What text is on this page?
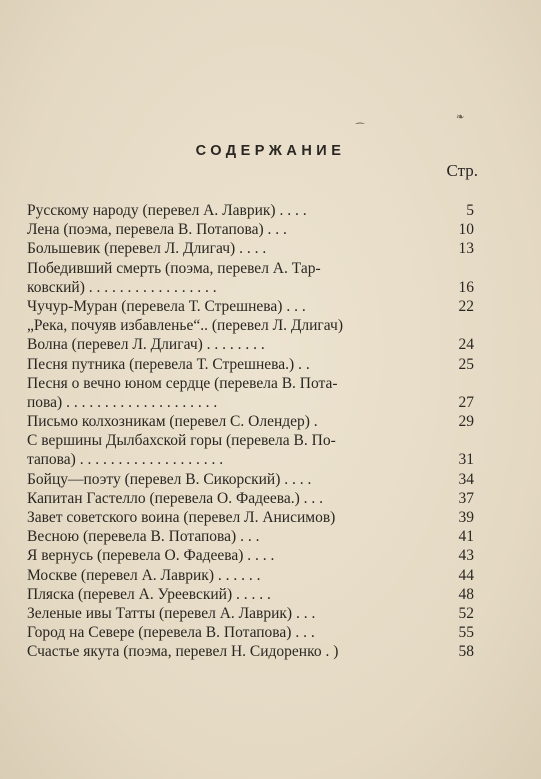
❧
⁀
СОДЕРЖАНИЕ
Стр.
Русскому народу (перевел А. Лаврик) . . . .	5
Лена (поэма, перевела В. Потапова) . . .	10
Большевик (перевел Л. Длигач) . . . .	13
Победивший смерть (поэма, перевел А. Тар-
ковский) . . . . . . . . . . . . . . . . .	16
Чучур-Муран (перевела Т. Стрешнева) . . .	22
„Река, почуяв избавленье“.. (перевел Л. Длигач)
Волна (перевел Л. Длигач) . . . . . . . .	24
Песня путника (перевела Т. Стрешнева.) . .	25
Песня о вечно юном сердце (перевела В. Пота-
пова) . . . . . . . . . . . . . . . . . . . .	27
Письмо колхозникам (перевел С. Олендер) .	29
С вершины Дылбахской горы (перевела В. По-
тапова) . . . . . . . . . . . . . . . . . . .	31
Бойцу—поэту (перевел В. Сикорский) . . . .	34
Капитан Гастелло (перевела О. Фадеева.) . . .	37
Завет советского воина (перевел Л. Анисимов)	39
Весною (перевела В. Потапова) . . .	41
Я вернусь (перевела О. Фадеева) . . . .	43
Москве (перевел А. Лаврик) . . . . . .	44
Пляска (перевел А. Уреевский) . . . . .	48
Зеленые ивы Татты (перевел А. Лаврик) . . .	52
Город на Севере (перевела В. Потапова) . . .	55
Счастье якута (поэма, перевел Н. Сидоренко . )	58
